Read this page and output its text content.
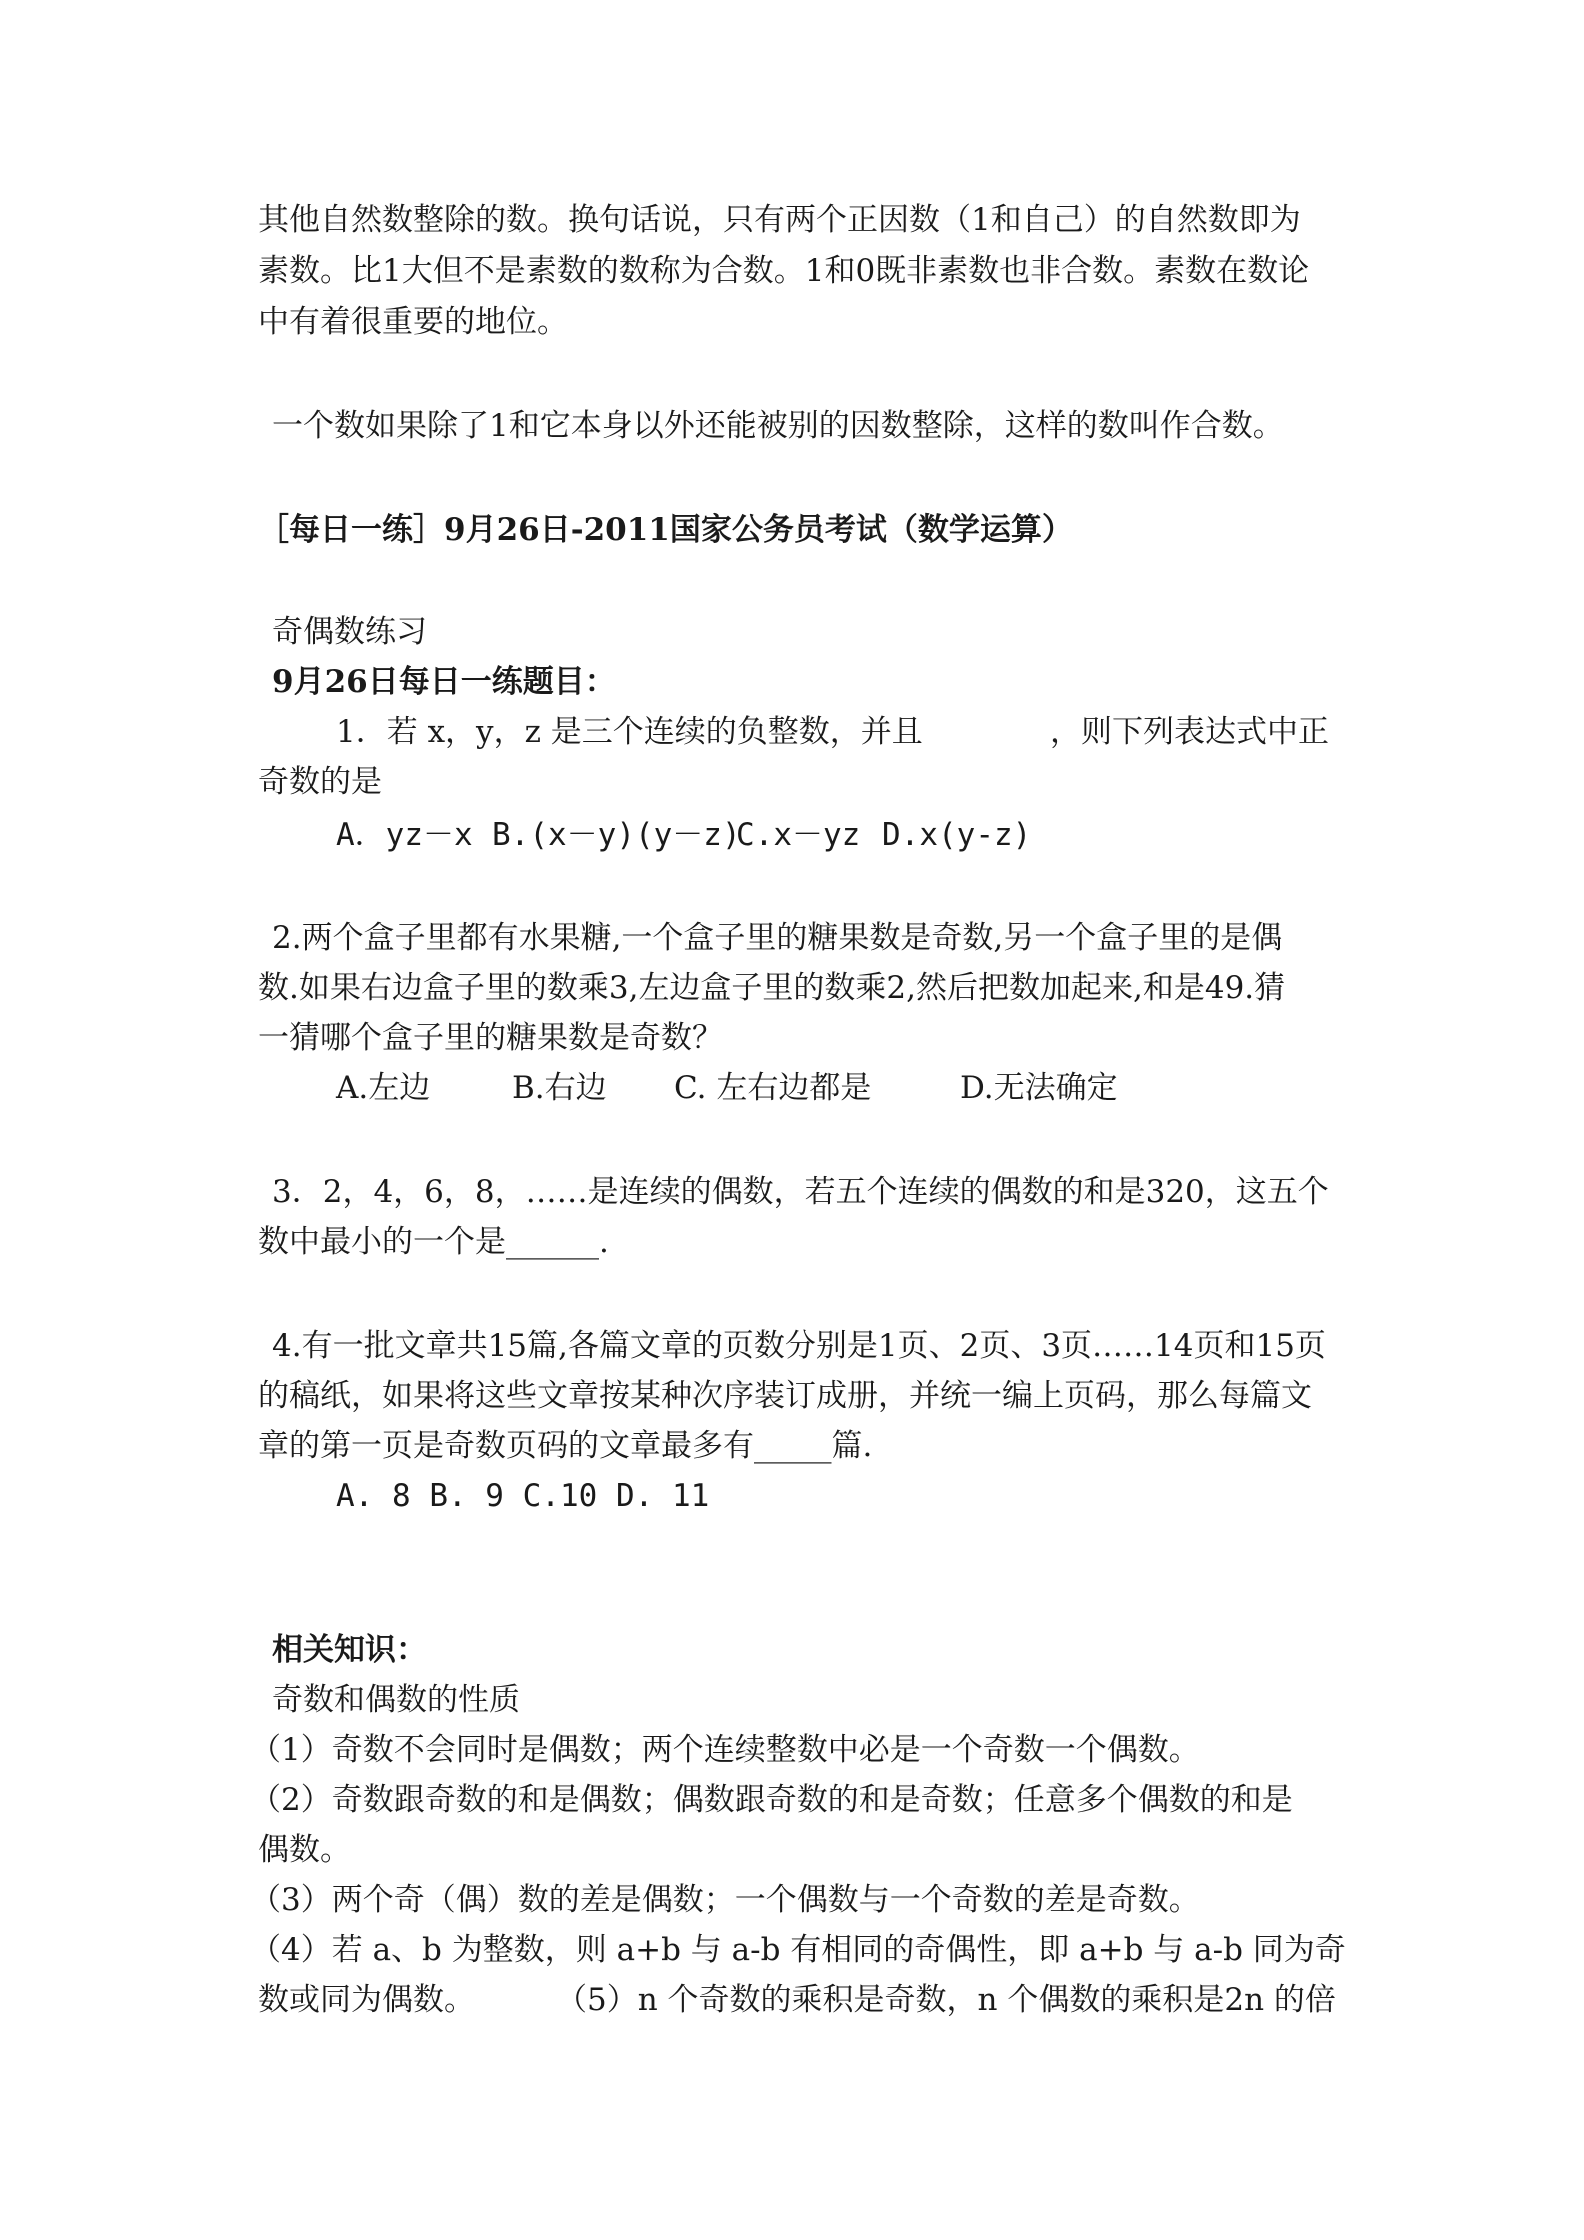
其他自然数整除的数。换句话说，只有两个正因数（1和自己）的自然数即为

素数。比1大但不是素数的数称为合数。1和0既非素数也非合数。素数在数论

中有着很重要的地位。

一个数如果除了1和它本身以外还能被别的因数整除，这样的数叫作合数。

［每日一练］9月26日-2011国家公务员考试（数学运算）

奇偶数练习

9月26日每日一练题目：

1．若 x，y，z 是三个连续的负整数，并且	，则下列表达式中正

奇数的是

A．yz－x B.(x－y)(y－z)
C.x－yz D.x(y-z)

2.两个盒子里都有水果糖,一个盒子里的糖果数是奇数,另一个盒子里的是偶

数.如果右边盒子里的数乘3,左边盒子里的数乘2,然后把数加起来,和是49.猜

一猜哪个盒子里的糖果数是奇数？

A.左边	B.右边 C. 左右边都是	D.无法确定

3．2，4，6，8，……是连续的偶数，若五个连续的偶数的和是320，这五个

数中最小的一个是______.

4.有一批文章共15篇,各篇文章的页数分别是1页、2页、3页……14页和15页

的稿纸，如果将这些文章按某种次序装订成册，并统一编上页码，那么每篇文

章的第一页是奇数页码的文章最多有_____篇.

A. 8 B. 9 C.10 D. 11

相关知识：

奇数和偶数的性质

（1）奇数不会同时是偶数；两个连续整数中必是一个奇数一个偶数。

（2）奇数跟奇数的和是偶数；偶数跟奇数的和是奇数；任意多个偶数的和是

偶数。

（3）两个奇（偶）数的差是偶数；一个偶数与一个奇数的差是奇数。

（4）若 a、b 为整数，则 a+b 与 a-b 有相同的奇偶性，即 a+b 与 a-b 同为奇

数或同为偶数。	（5）n 个奇数的乘积是奇数，n 个偶数的乘积是2n 的倍
